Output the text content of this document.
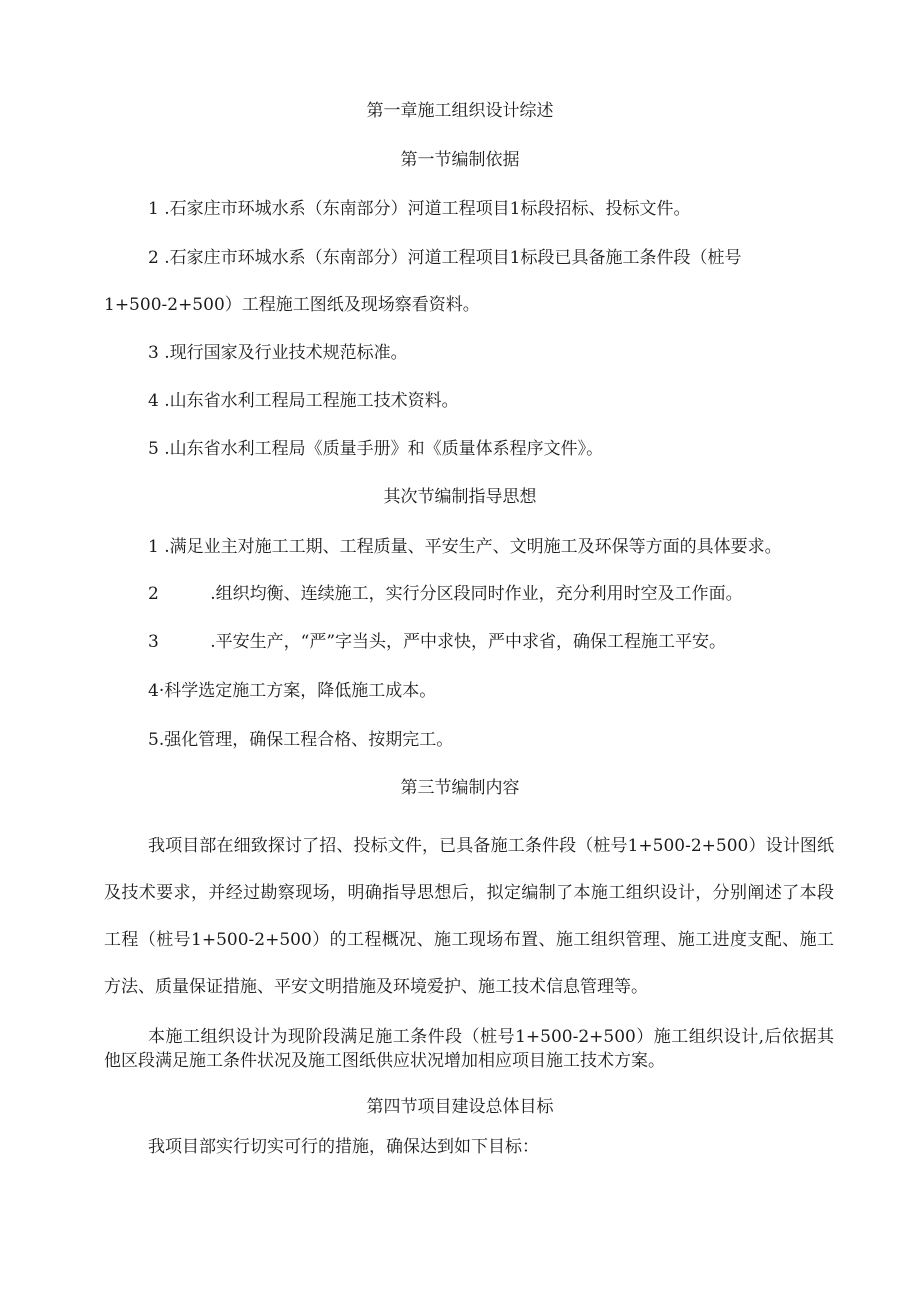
第一章施工组织设计综述
第一节编制依据
1 .石家庄市环城水系（东南部分）河道工程项目1标段招标、投标文件。
2 .石家庄市环城水系（东南部分）河道工程项目1标段已具备施工条件段（桩号
1+500-2+500）工程施工图纸及现场察看资料。
3 .现行国家及行业技术规范标准。
4 .山东省水利工程局工程施工技术资料。
5 .山东省水利工程局《质量手册》和《质量体系程序文件》。
其次节编制指导思想
1 .满足业主对施工工期、工程质量、平安生产、文明施工及环保等方面的具体要求。
2	.组织均衡、连续施工，实行分区段同时作业，充分利用时空及工作面。
3	.平安生产，“严”字当头，严中求快，严中求省，确保工程施工平安。
4·科学选定施工方案，降低施工成本。
5.强化管理，确保工程合格、按期完工。
第三节编制内容
我项目部在细致探讨了招、投标文件，已具备施工条件段（桩号1+500-2+500）设计图纸及技术要求，并经过勘察现场，明确指导思想后，拟定编制了本施工组织设计，分别阐述了本段工程（桩号1+500-2+500）的工程概况、施工现场布置、施工组织管理、施工进度支配、施工方法、质量保证措施、平安文明措施及环境爱护、施工技术信息管理等。
本施工组织设计为现阶段满足施工条件段（桩号1+500-2+500）施工组织设计,后依据其他区段满足施工条件状况及施工图纸供应状况增加相应项目施工技术方案。
第四节项目建设总体目标
我项目部实行切实可行的措施，确保达到如下目标：
